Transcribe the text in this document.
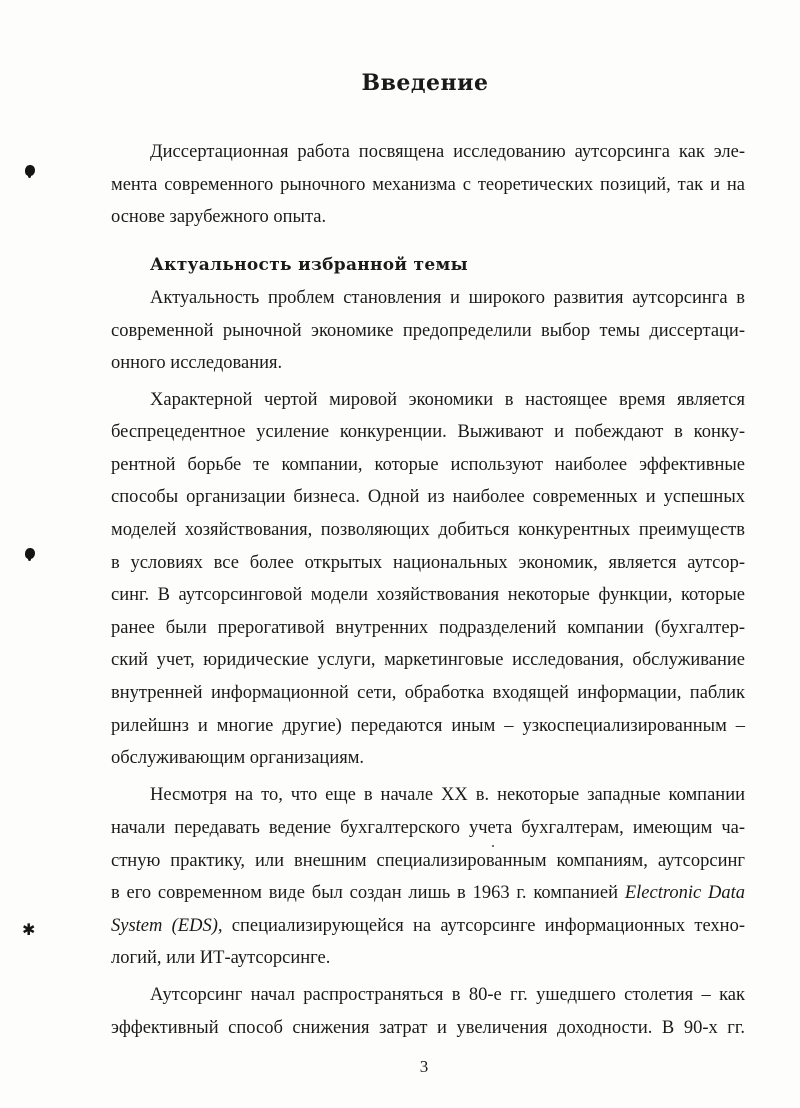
Введение
Диссертационная работа посвящена исследованию аутсорсинга как эле-
мента современного рыночного механизма с теоретических позиций, так и на
основе зарубежного опыта.
Актуальность избранной темы
Актуальность проблем становления и широкого развития аутсорсинга в
современной рыночной экономике предопределили выбор темы диссертаци-
онного исследования.
Характерной чертой мировой экономики в настоящее время является
беспрецедентное усиление конкуренции. Выживают и побеждают в конку-
рентной борьбе те компании, которые используют наиболее эффективные
способы организации бизнеса. Одной из наиболее современных и успешных
моделей хозяйствования, позволяющих добиться конкурентных преимуществ
в условиях все более открытых национальных экономик, является аутсор-
синг. В аутсорсинговой модели хозяйствования некоторые функции, которые
ранее были прерогативой внутренних подразделений компании (бухгалтер-
ский учет, юридические услуги, маркетинговые исследования, обслуживание
внутренней информационной сети, обработка входящей информации, паблик
рилейшнз и многие другие) передаются иным – узкоспециализированным –
обслуживающим организациям.
Несмотря на то, что еще в начале XX в. некоторые западные компании
начали передавать ведение бухгалтерского учета бухгалтерам, имеющим ча-
стную практику, или внешним специализированным компаниям, аутсорсинг
в его современном виде был создан лишь в 1963 г. компанией Electronic Data
System (EDS), специализирующейся на аутсорсинге информационных техно-
логий, или ИТ-аутсорсинге.
Аутсорсинг начал распространяться в 80-е гг. ушедшего столетия – как
эффективный способ снижения затрат и увеличения доходности. В 90-х гг.
3
✱
